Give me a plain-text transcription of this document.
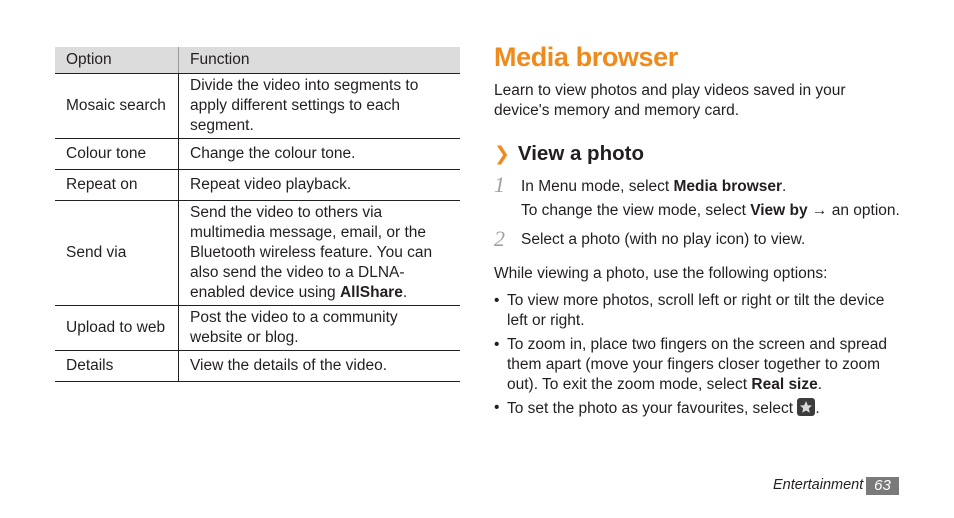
Option	Function
Mosaic search	Divide the video into segments to apply different settings to each segment.
Colour tone	Change the colour tone.
Repeat on	Repeat video playback.
Send via	Send the video to others via multimedia message, email, or the Bluetooth wireless feature. You can also send the video to a DLNA-enabled device using AllShare.
Upload to web	Post the video to a community website or blog.
Details	View the details of the video.
Media browser

Learn to view photos and play videos saved in your device's memory and memory card.

❯ View a photo
1 In Menu mode, select Media browser.
To change the view mode, select View by → an option.
2 Select a photo (with no play icon) to view.

While viewing a photo, use the following options:

• To view more photos, scroll left or right or tilt the device left or right.
• To zoom in, place two fingers on the screen and spread them apart (move your fingers closer together to zoom out). To exit the zoom mode, select Real size.
• To set the photo as your favourites, select
.
Entertainment 63
